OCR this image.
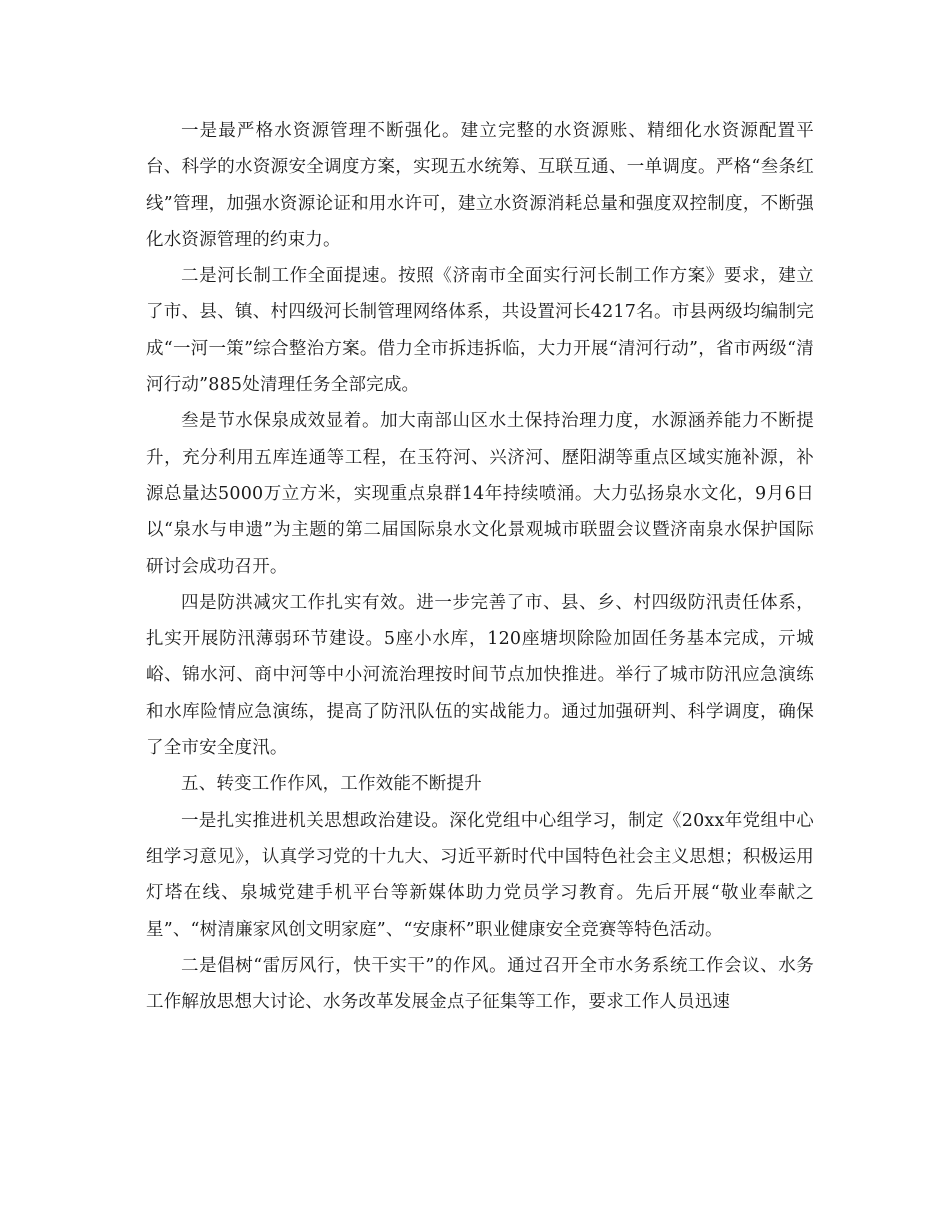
一是最严格水资源管理不断强化。建立完整的水资源账、精细化水资源配置平台、科学的水资源安全调度方案，实现五水统筹、互联互通、一单调度。严格“叁条红线”管理，加强水资源论证和用水许可，建立水资源消耗总量和强度双控制度，不断强化水资源管理的约束力。

二是河长制工作全面提速。按照《济南市全面实行河长制工作方案》要求，建立了市、县、镇、村四级河长制管理网络体系，共设置河长4217名。市县两级均编制完成“一河一策”综合整治方案。借力全市拆违拆临，大力开展“清河行动”，省市两级“清河行动”885处清理任务全部完成。

叁是节水保泉成效显着。加大南部山区水土保持治理力度，水源涵养能力不断提升，充分利用五库连通等工程，在玉符河、兴济河、歷阳湖等重点区域实施补源，补源总量达5000万立方米，实现重点泉群14年持续喷涌。大力弘扬泉水文化，9月6日以“泉水与申遗”为主题的第二届国际泉水文化景观城市联盟会议暨济南泉水保护国际研讨会成功召开。

四是防洪减灾工作扎实有效。进一步完善了市、县、乡、村四级防汛责任体系，扎实开展防汛薄弱环节建设。5座小水库，120座塘坝除险加固任务基本完成，亓城峪、锦水河、商中河等中小河流治理按时间节点加快推进。举行了城市防汛应急演练和水库险情应急演练，提高了防汛队伍的实战能力。通过加强研判、科学调度，确保了全市安全度汛。

五、转变工作作风，工作效能不断提升

一是扎实推进机关思想政治建设。深化党组中心组学习，制定《20xx年党组中心组学习意见》，认真学习党的十九大、习近平新时代中国特色社会主义思想；积极运用灯塔在线、泉城党建手机平台等新媒体助力党员学习教育。先后开展“敬业奉献之星”、“树清廉家风创文明家庭”、“安康杯”职业健康安全竞赛等特色活动。

二是倡树“雷厉风行，快干实干”的作风。通过召开全市水务系统工作会议、水务工作解放思想大讨论、水务改革发展金点子征集等工作，要求工作人员迅速
